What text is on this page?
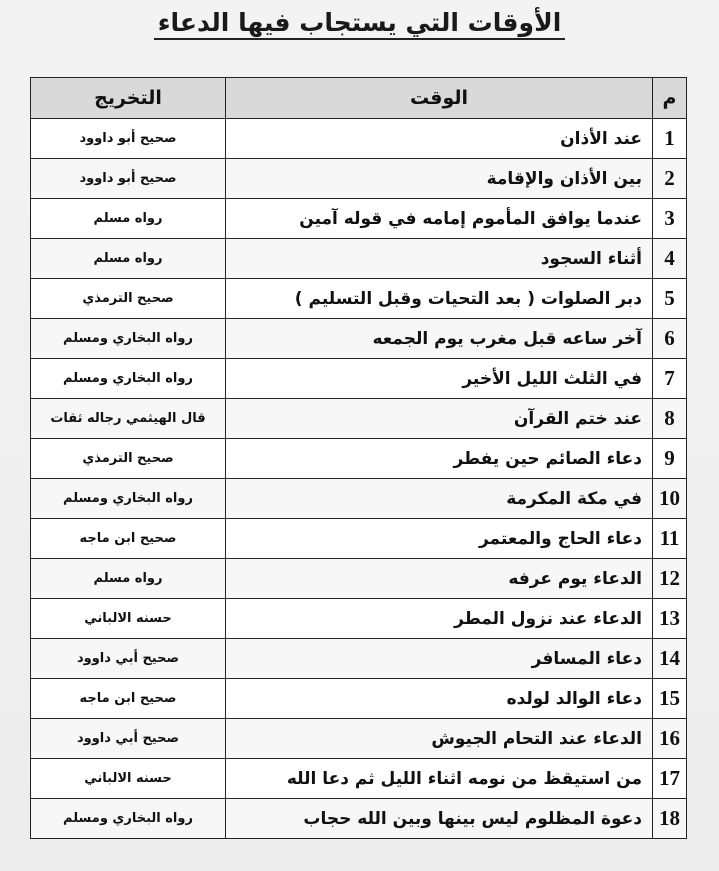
الأوقات التي يستجاب فيها الدعاء
م	الوقت	التخريج
1	عند الأذان	صحيح أبو داوود
2	بين الأذان والإقامة	صحيح أبو داوود
3	عندما يوافق المأموم إمامه في قوله آمين	رواه مسلم
4	أثناء السجود	رواه مسلم
5	دبر الصلوات ( بعد التحيات وقبل التسليم )	صحيح الترمذي
6	آخر ساعه قبل مغرب يوم الجمعه	رواه البخاري ومسلم
7	في الثلث الليل الأخير	رواه البخاري ومسلم
8	عند ختم القرآن	قال الهيثمي رجاله ثقات
9	دعاء الصائم حين يفطر	صحيح الترمذي
10	في مكة المكرمة	رواه البخاري ومسلم
11	دعاء الحاج والمعتمر	صحيح ابن ماجه
12	الدعاء يوم عرفه	رواه مسلم
13	الدعاء عند نزول المطر	حسنه الالباني
14	دعاء المسافر	صحيح أبي داوود
15	دعاء الوالد لولده	صحيح ابن ماجه
16	الدعاء عند التحام الجيوش	صحيح أبي داوود
17	من استيقظ من نومه اثناء الليل ثم دعا الله	حسنه الالباني
18	دعوة المظلوم ليس بينها وبين الله حجاب	رواه البخاري ومسلم
